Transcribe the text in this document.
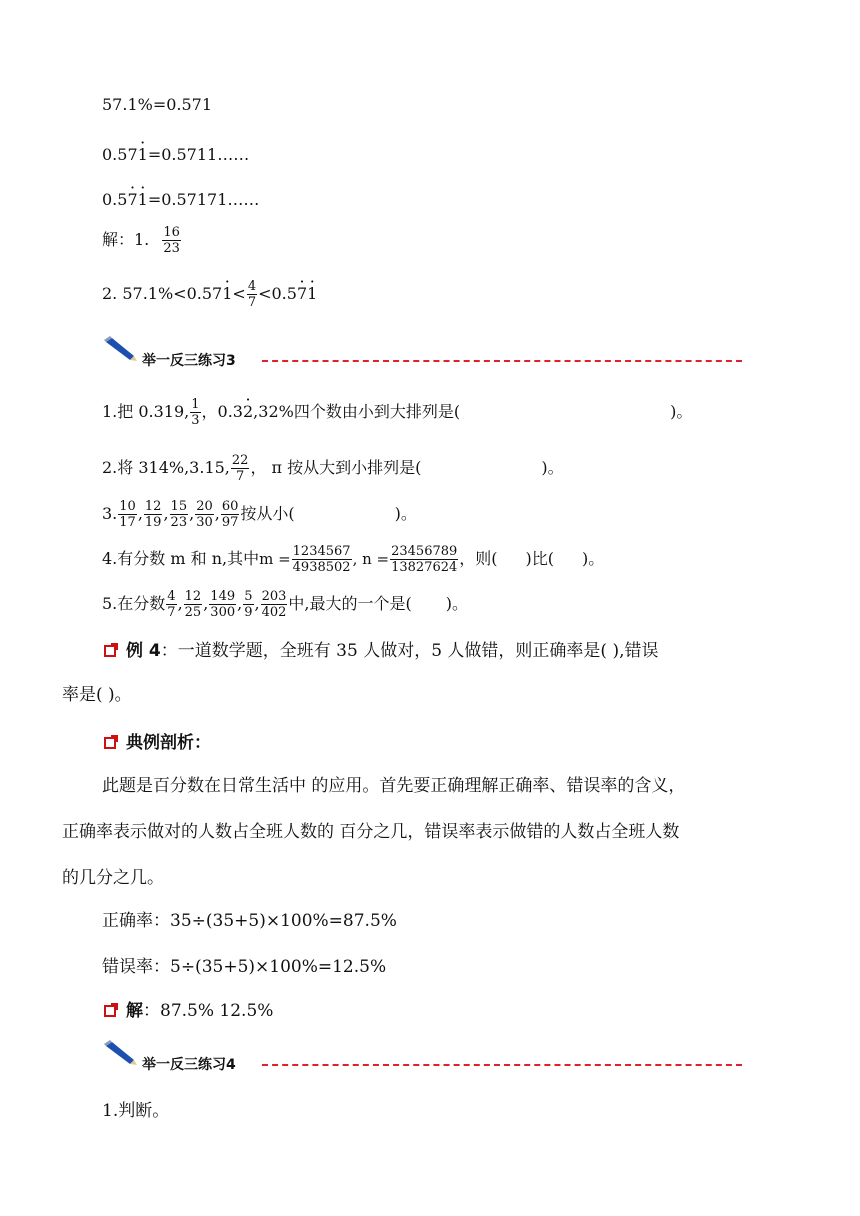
57.1%=0.571
0.57· 1=0.5711……
0.5· 7· 1=0.57171……
解：1. $\frac{16}{23}$
2. $57.1\%<0.57\cdot 1< \frac{4}{7} <0.5\cdot 7\cdot 1$
举一反三练习3
1.把 0.319, $\frac{1}{3}$ ，0.3· 2,32%四个数由小到大排列是(	)。
2.将 314%,3.15, $\frac{22}{7}$ ， π 按从大到小排列是(	)。
3. $\frac{10}{17}$ , $\frac{12}{19}$ , $\frac{15}{23}$ , $\frac{20}{30}$ , $\frac{60}{97}$ 按从小(	)。
4.有分数 m 和 n,其中$m = \frac{1234567}{4938502}$ , $n = \frac{23456789}{13827624}$ ，则( )比( )。
5.在分数 $\frac{4}{7}$ , $\frac{12}{25}$ , $\frac{149}{300}$ , $\frac{5}{9}$ , $\frac{203}{402}$ 中,最大的一个是( )。
例 4：一道数学题，全班有 35 人做对，5 人做错，则正确率是( ),错误
率是( )。
典例剖析：
此题是百分数在日常生活中 的应用。首先要正确理解正确率、错误率的含义，
正确率表示做对的人数占全班人数的 百分之几，错误率表示做错的人数占全班人数
的几分之几。
正确率：35÷(35+5)×100%=87.5%
错误率：5÷(35+5)×100%=12.5%
解：87.5% 12.5%
举一反三练习4
1.判断。
